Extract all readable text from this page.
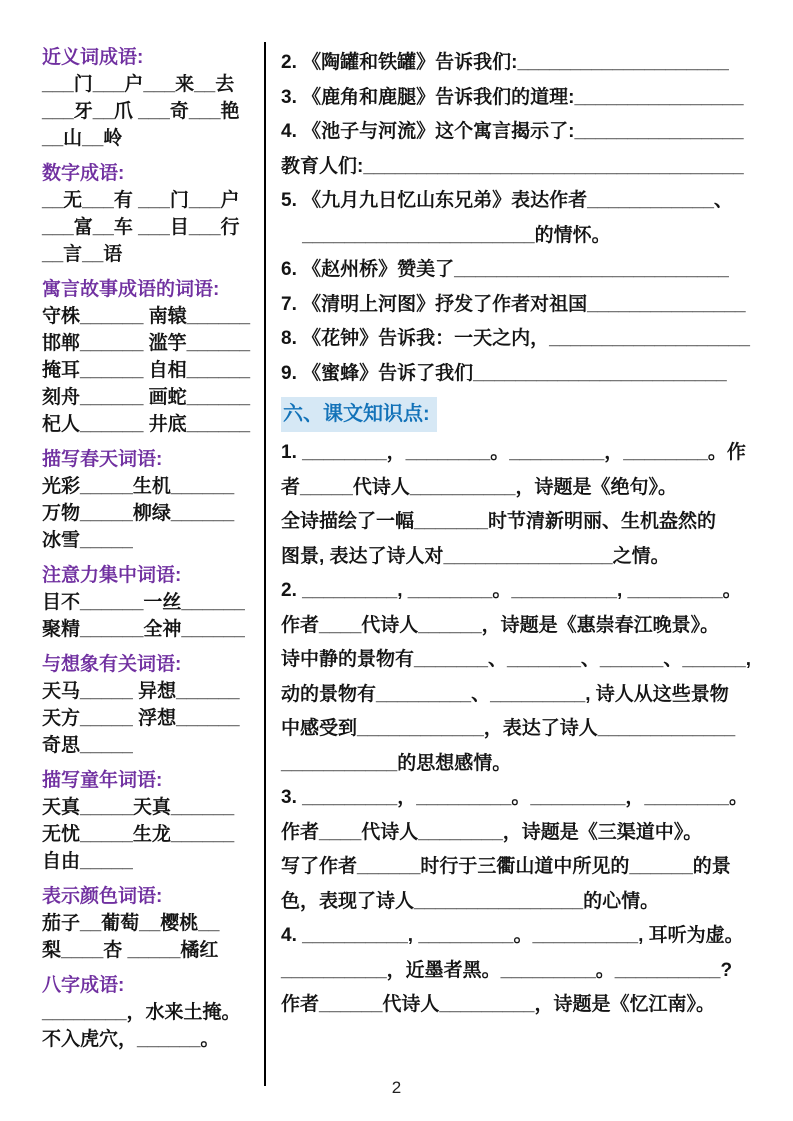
近义词成语:
___门___户___来__去
___牙__爪 ___奇___艳
__山__岭
数字成语:
__无___有 ___门___户
___富__车 ___目___行
__言__语
寓言故事成语的词语:
守株______ 南辕______
邯郸______ 滥竽______
掩耳______ 自相______
刻舟______ 画蛇______
杞人______ 井底______
描写春天词语:
光彩_____生机______
万物_____柳绿______
冰雪_____
注意力集中词语:
目不______一丝______
聚精______全神______
与想象有关词语:
天马_____ 异想______
天方_____ 浮想______
奇思_____
描写童年词语:
天真_____天真______
无忧_____生龙______
自由_____
表示颜色词语:
茄子__葡萄__樱桃__
梨____杏 _____橘红
八字成语:
________，水来土掩。
不入虎穴，______。
2. 《陶罐和铁罐》告诉我们:____________________
3. 《鹿角和鹿腿》告诉我们的道理:________________
4. 《池子与河流》这个寓言揭示了:________________
教育人们:____________________________________
5. 《九月九日忆山东兄弟》表达作者____________、
______________________的情怀。
6. 《赵州桥》赞美了__________________________
7. 《清明上河图》抒发了作者对祖国_______________
8. 《花钟》告诉我：一天之内，___________________
9. 《蜜蜂》告诉了我们________________________
六、课文知识点:
1. ________，________。_________，________。作
者_____代诗人__________，诗题是《绝句》。
全诗描绘了一幅_______时节清新明丽、生机盎然的
图景, 表达了诗人对________________之情。
2. _________, ________。__________, _________。
作者____代诗人______，诗题是《惠崇春江晚景》。
诗中静的景物有_______、_______、______、______,
动的景物有_________、_________, 诗人从这些景物
中感受到____________，表达了诗人_____________
___________的思想感情。
3. _________，_________。_________，________。
作者____代诗人________，诗题是《三渠道中》。
写了作者______时行于三衢山道中所见的______的景
色，表现了诗人________________的心情。
4. __________, _________。__________, 耳听为虚。
__________，近墨者黑。_________。__________?
作者______代诗人_________，诗题是《忆江南》。
2
